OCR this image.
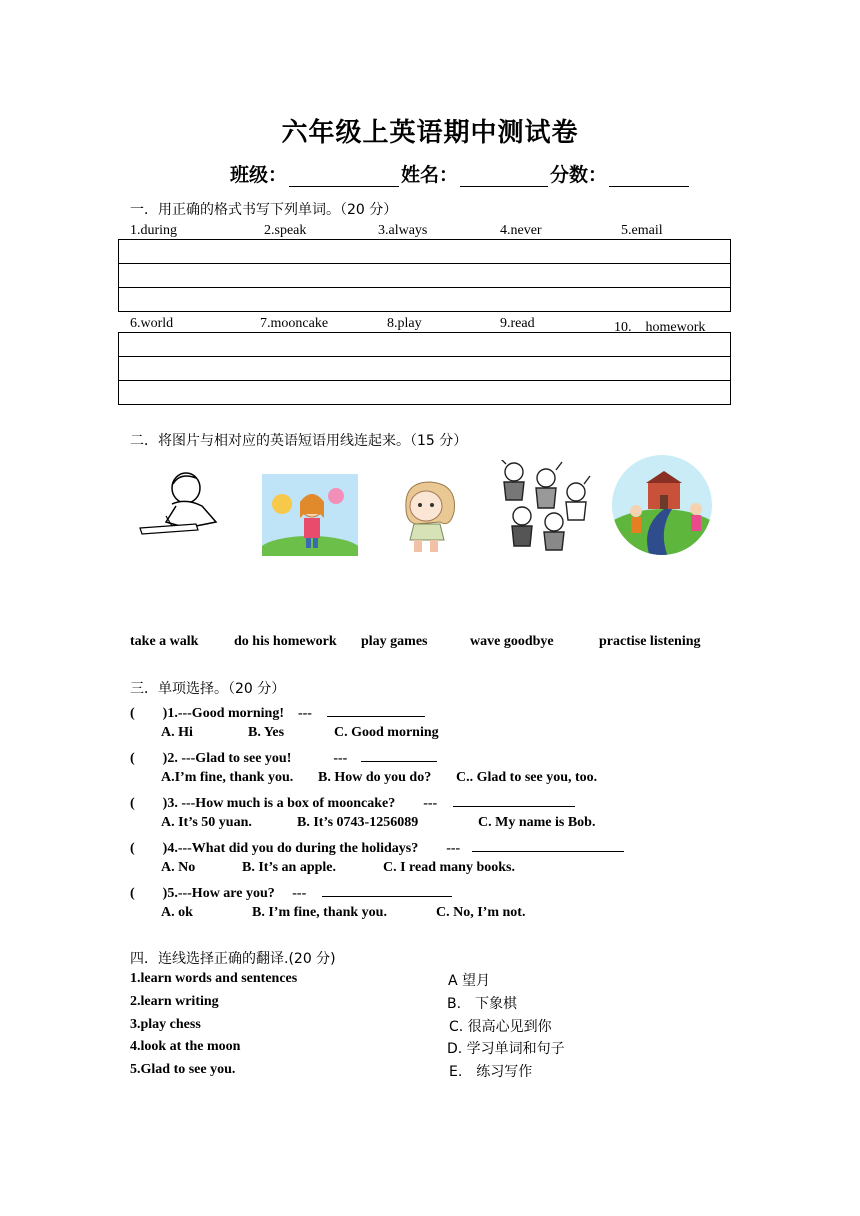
六年级上英语期中测试卷
班级：	姓名：	分数：
一．用正确的格式书写下列单词。（20 分）
1.during	2.speak	3.always	4.never	5.email
6.world	7.mooncake	8.play	9.read	10.　homework
二．将图片与相对应的英语短语用线连起来。（15 分）
take a walk	do his homework play games	wave goodbye	practise listening
三．单项选择。（20 分）
(　　)1.---Good morning!　---
A. Hi	B. Yes	C. Good morning
(　　)2. ---Glad to see you!　　　---
A.I’m fine, thank you. B. How do you do? C.. Glad to see you, too.
(　　)3. ---How much is a box of mooncake?　　---
A. It’s 50 yuan.	B. It’s 0743-1256089	C. My name is Bob.
(　　)4.---What did you do during the holidays?　　---
A. No	B. It’s an apple.	C. I read many books.
(　　)5.---How are you?　 ---
A. ok	B. I’m fine, thank you.	C. No, I’m not.
四．连线选择正确的翻译.(20 分)
1.learn words and sentences
2.learn writing
3.play chess
4.look at the moon
5.Glad to see you.
A 望月
B.　下象棋
C. 很高心见到你
D. 学习单词和句子
E.　练习写作
